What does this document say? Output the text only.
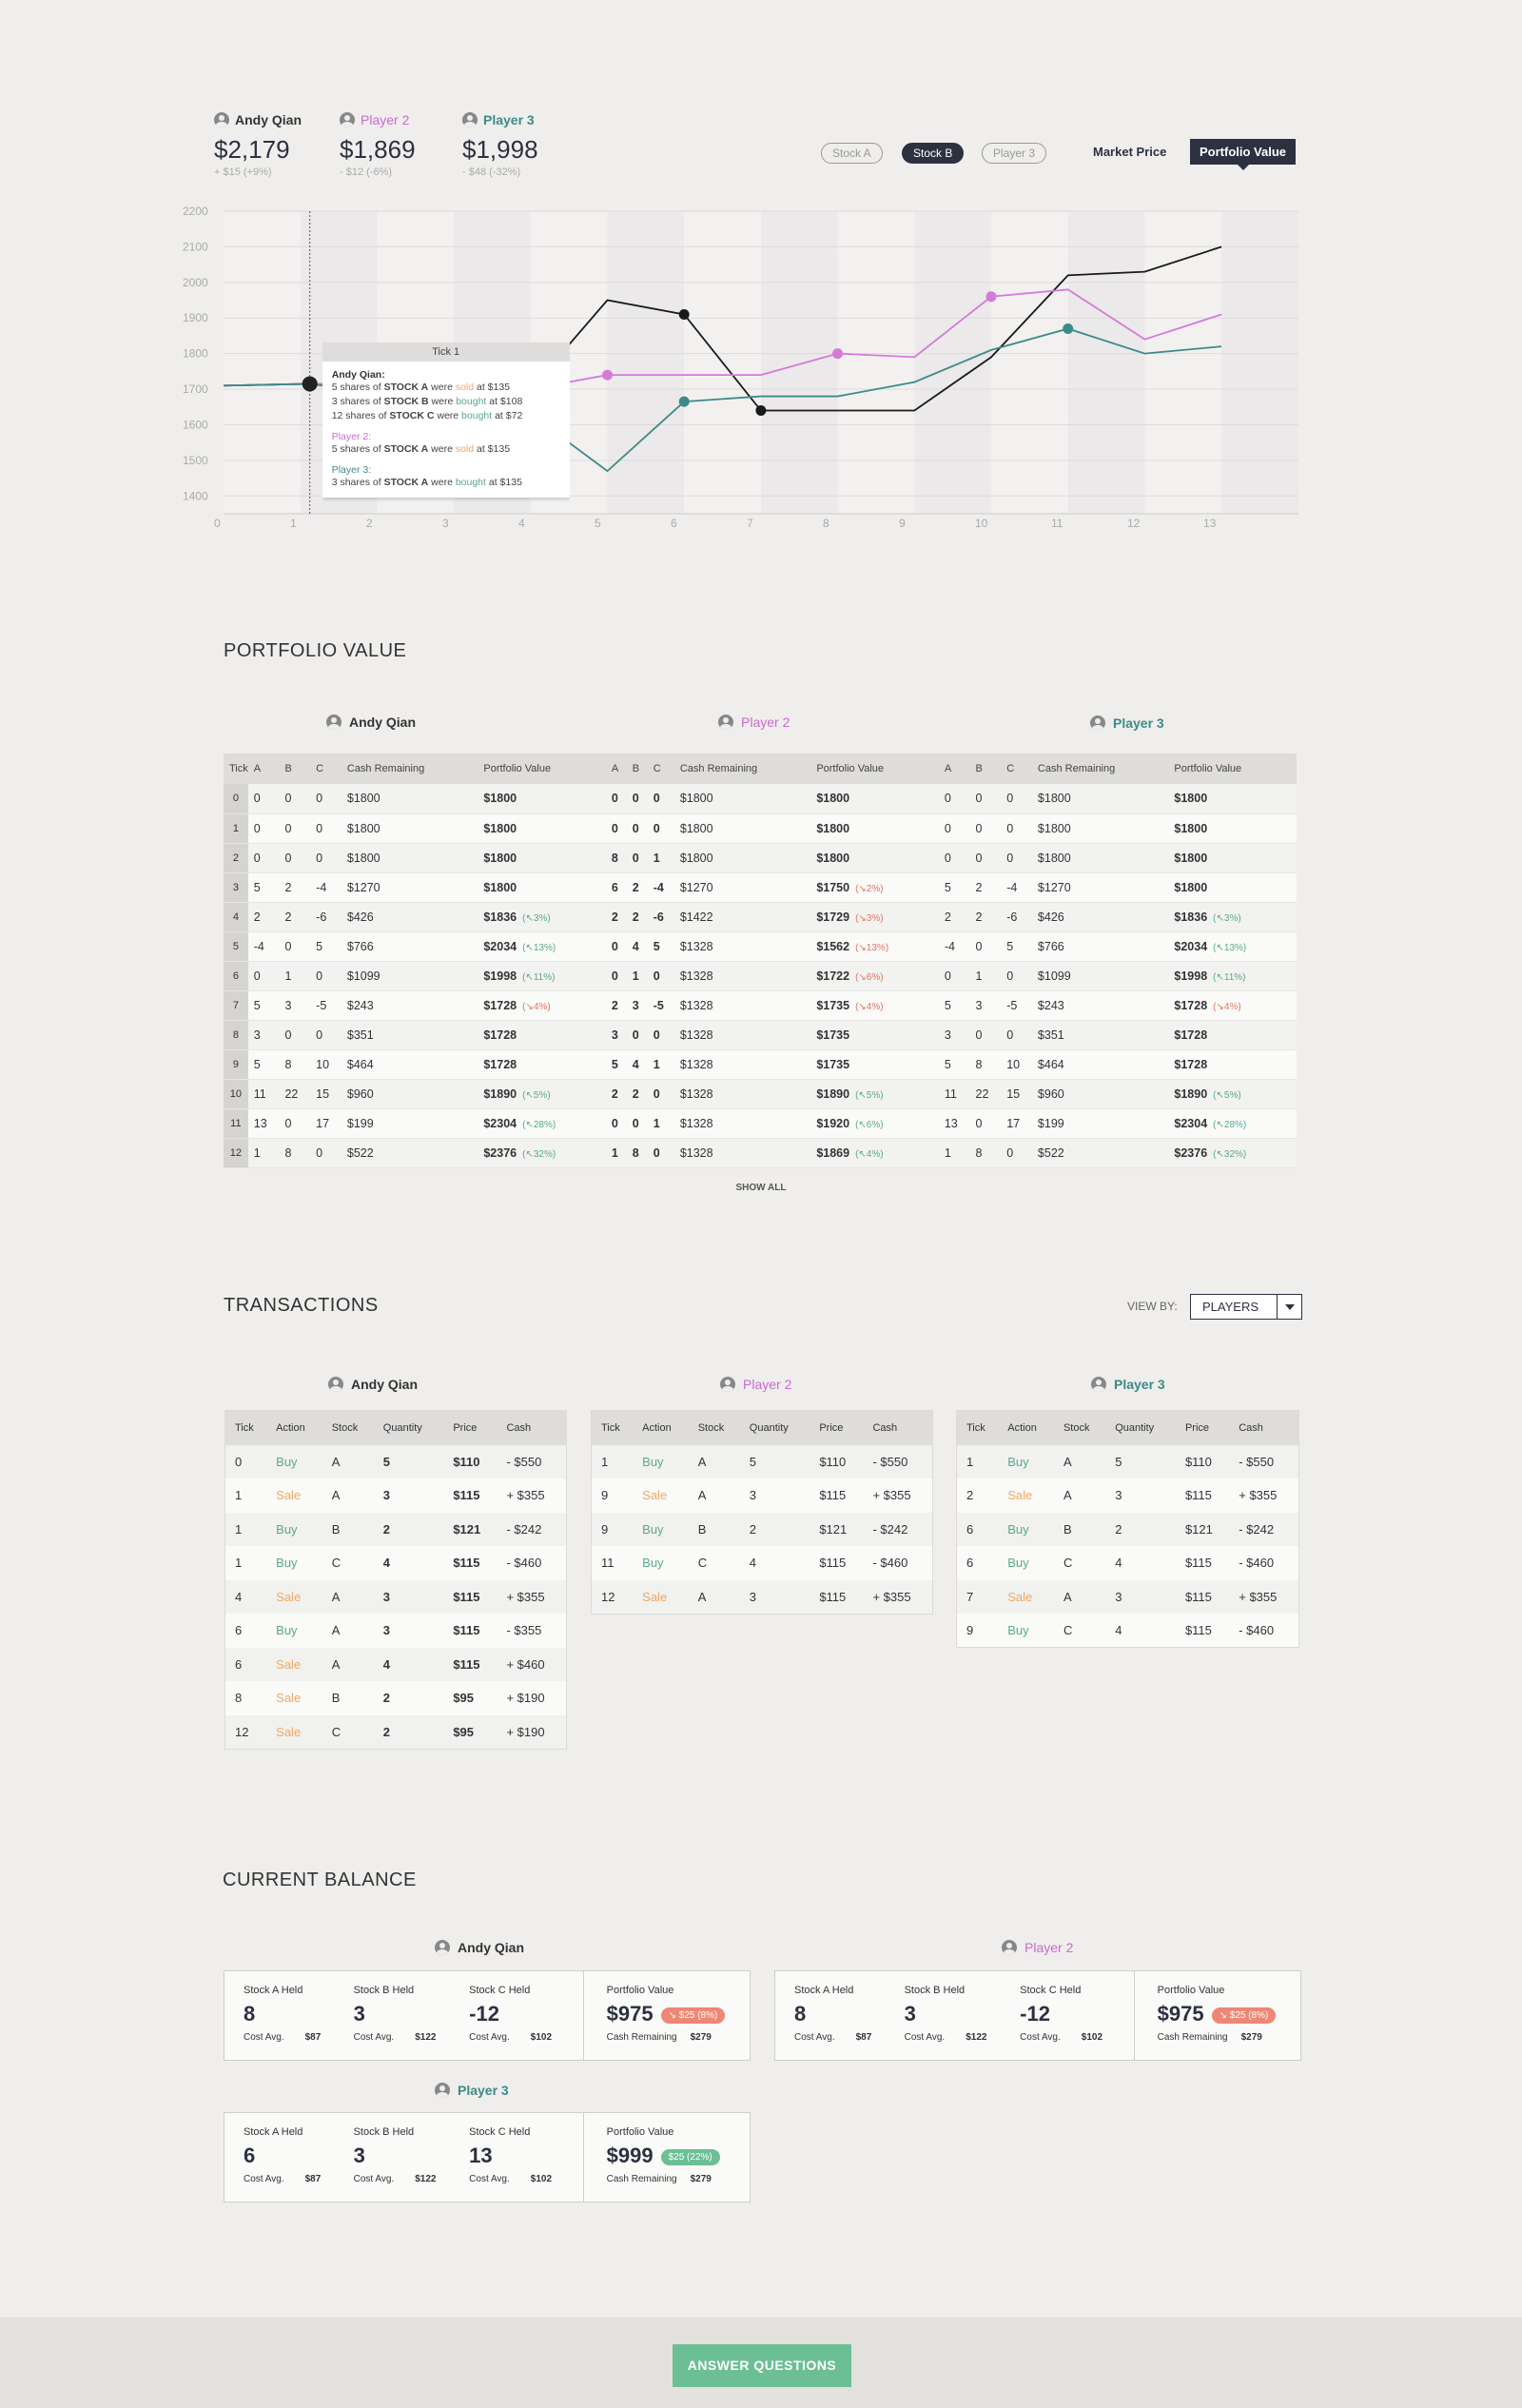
Andy Qian
$2,179
+ $15 (+9%)
Player 2
$1,869
- $12 (-6%)
Player 3
$1,998
- $48 (-32%)
Stock A	Stock B	Player 3	Market Price	Portfolio Value
1400
1500
1600
1700
1800
1900
2000
2100
2200
0	1	2	3	4	5	6	7	8	9	10	11	12	13
Tick 1
Andy Qian:
5 shares of STOCK A were sold at $135
3 shares of STOCK B were bought at $108
12 shares of STOCK C were bought at $72
Player 2:
5 shares of STOCK A were sold at $135
Player 3:
3 shares of STOCK A were bought at $135
PORTFOLIO VALUE
Andy Qian	Player 2	Player 3
Tick	A	B	C	Cash Remaining	Portfolio Value	A	B	C	Cash Remaining	Portfolio Value	A	B	C	Cash Remaining	Portfolio Value
0	0	0	0	$1800	$1800	0	0	0	$1800	$1800	0	0	0	$1800	$1800
1	0	0	0	$1800	$1800	0	0	0	$1800	$1800	0	0	0	$1800	$1800
2	0	0	0	$1800	$1800	8	0	1	$1800	$1800	0	0	0	$1800	$1800
3	5	2	-4	$1270	$1800	6	2	-4	$1270	$1750 (↘2%)	5	2	-4	$1270	$1800
4	2	2	-6	$426	$1836 (↖3%)	2	2	-6	$1422	$1729 (↘3%)	2	2	-6	$426	$1836 (↖3%)
5	-4	0	5	$766	$2034 (↖13%)	0	4	5	$1328	$1562 (↘13%)	-4	0	5	$766	$2034 (↖13%)
6	0	1	0	$1099	$1998 (↖11%)	0	1	0	$1328	$1722 (↘6%)	0	1	0	$1099	$1998 (↖11%)
7	5	3	-5	$243	$1728 (↘4%)	2	3	-5	$1328	$1735 (↘4%)	5	3	-5	$243	$1728 (↘4%)
8	3	0	0	$351	$1728	3	0	0	$1328	$1735	3	0	0	$351	$1728
9	5	8	10	$464	$1728	5	4	1	$1328	$1735	5	8	10	$464	$1728
10	11	22	15	$960	$1890 (↖5%)	2	2	0	$1328	$1890 (↖5%)	11	22	15	$960	$1890 (↖5%)
11	13	0	17	$199	$2304 (↖28%)	0	0	1	$1328	$1920 (↖6%)	13	0	17	$199	$2304 (↖28%)
12	1	8	0	$522	$2376 (↖32%)	1	8	0	$1328	$1869 (↖4%)	1	8	0	$522	$2376 (↖32%)
SHOW ALL
TRANSACTIONS	VIEW BY:	PLAYERS
Andy Qian	Player 2	Player 3
Tick	Action	Stock	Quantity	Price	Cash
0	Buy	A	5	$110	- $550
1	Sale	A	3	$115	+ $355
1	Buy	B	2	$121	- $242
1	Buy	C	4	$115	- $460
4	Sale	A	3	$115	+ $355
6	Buy	A	3	$115	- $355
6	Sale	A	4	$115	+ $460
8	Sale	B	2	$95	+ $190
12	Sale	C	2	$95	+ $190
Tick	Action	Stock	Quantity	Price	Cash
1	Buy	A	5	$110	- $550
9	Sale	A	3	$115	+ $355
9	Buy	B	2	$121	- $242
11	Buy	C	4	$115	- $460
12	Sale	A	3	$115	+ $355
Tick	Action	Stock	Quantity	Price	Cash
1	Buy	A	5	$110	- $550
2	Sale	A	3	$115	+ $355
6	Buy	B	2	$121	- $242
6	Buy	C	4	$115	- $460
7	Sale	A	3	$115	+ $355
9	Buy	C	4	$115	- $460
CURRENT BALANCE
Andy Qian	Player 2
Player 3
Stock A Held
8
Cost Avg. $87
Stock B Held
3
Cost Avg. $122
Stock C Held
-12
Cost Avg. $102
Portfolio Value
$975 ↘ $25 (8%)
Cash Remaining $279
Stock A Held
8
Cost Avg. $87
Stock B Held
3
Cost Avg. $122
Stock C Held
-12
Cost Avg. $102
Portfolio Value
$975 ↘ $25 (8%)
Cash Remaining $279
Stock A Held
6
Cost Avg. $87
Stock B Held
3
Cost Avg. $122
Stock C Held
13
Cost Avg. $102
Portfolio Value
$999 $25 (22%)
Cash Remaining $279
ANSWER QUESTIONS
